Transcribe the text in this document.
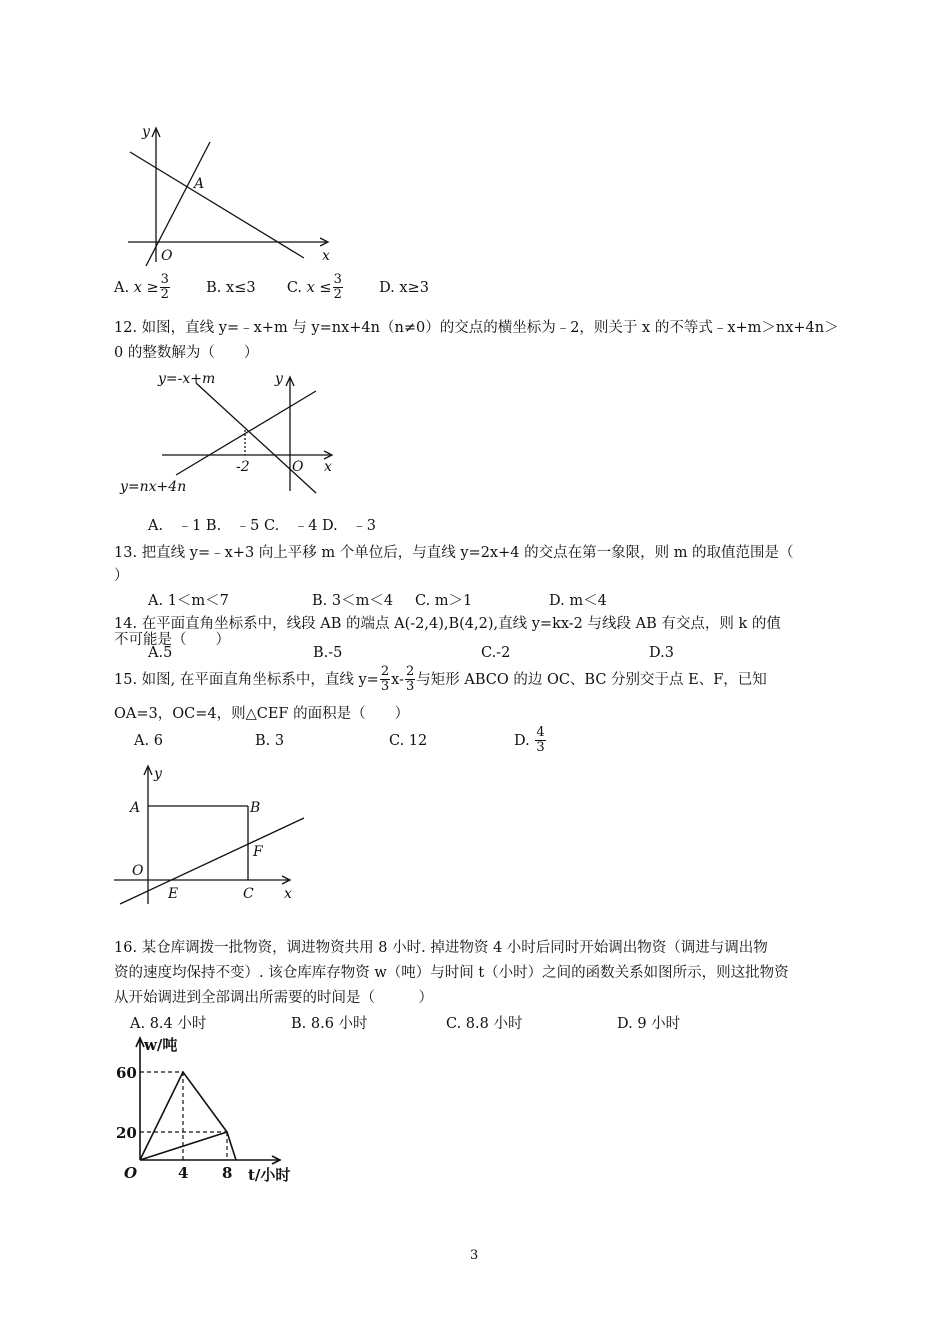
y
x
A
O
A. $x \ge \frac{3}{2} B$. x≤3 C. $x \le \frac{3}{2} D$. x≥3
12. 如图，直线 y=﹣x+m 与 y=nx+4n（n≠0）的交点的横坐标为﹣2，则关于 x 的不等式﹣x+m＞nx+4n＞
0 的整数解为（　　）
y=-x+m
y=nx+4n
y
x
O
-2
A.　﹣1 B.　﹣5 C.　﹣4 D.　﹣3
13. 把直线 y=﹣x+3 向上平移 m 个单位后，与直线 y=2x+4 的交点在第一象限，则 m 的取值范围是（
）
A. 1＜m＜7	B. 3＜m＜4 C. m＞1	D. m＜4
14. 在平面直角坐标系中，线段 AB 的端点 A(-2,4),B(4,2),直线 y=kx-2 与线段 AB 有交点，则 k 的值
不可能是（　　）
A.5	B.-5	C.-2	D.3
15. 如图, 在平面直角坐标系中，直线 $y= \frac{2}{3} x- \frac{2}{3}$ 与矩形 ABCO 的边 OC、BC 分别交于点 E、F，已知
OA=3，OC=4，则△CEF 的面积是（　　）
A. 6	B. 3	C. 12	D. $\frac{4}{3}$
y
x
A	B
O
F
E	C
16. 某仓库调拨一批物资，调进物资共用 8 小时. 掉进物资 4 小时后同时开始调出物资（调进与调出物
资的速度均保持不变）. 该仓库库存物资 w（吨）与时间 t（小时）之间的函数关系如图所示，则这批物资
从开始调进到全部调出所需要的时间是（　　　）
A. 8.4 小时	B. 8.6 小时	C. 8.8 小时	D. 9 小时
w/吨
t/小时
60
20
O	4 8
3
